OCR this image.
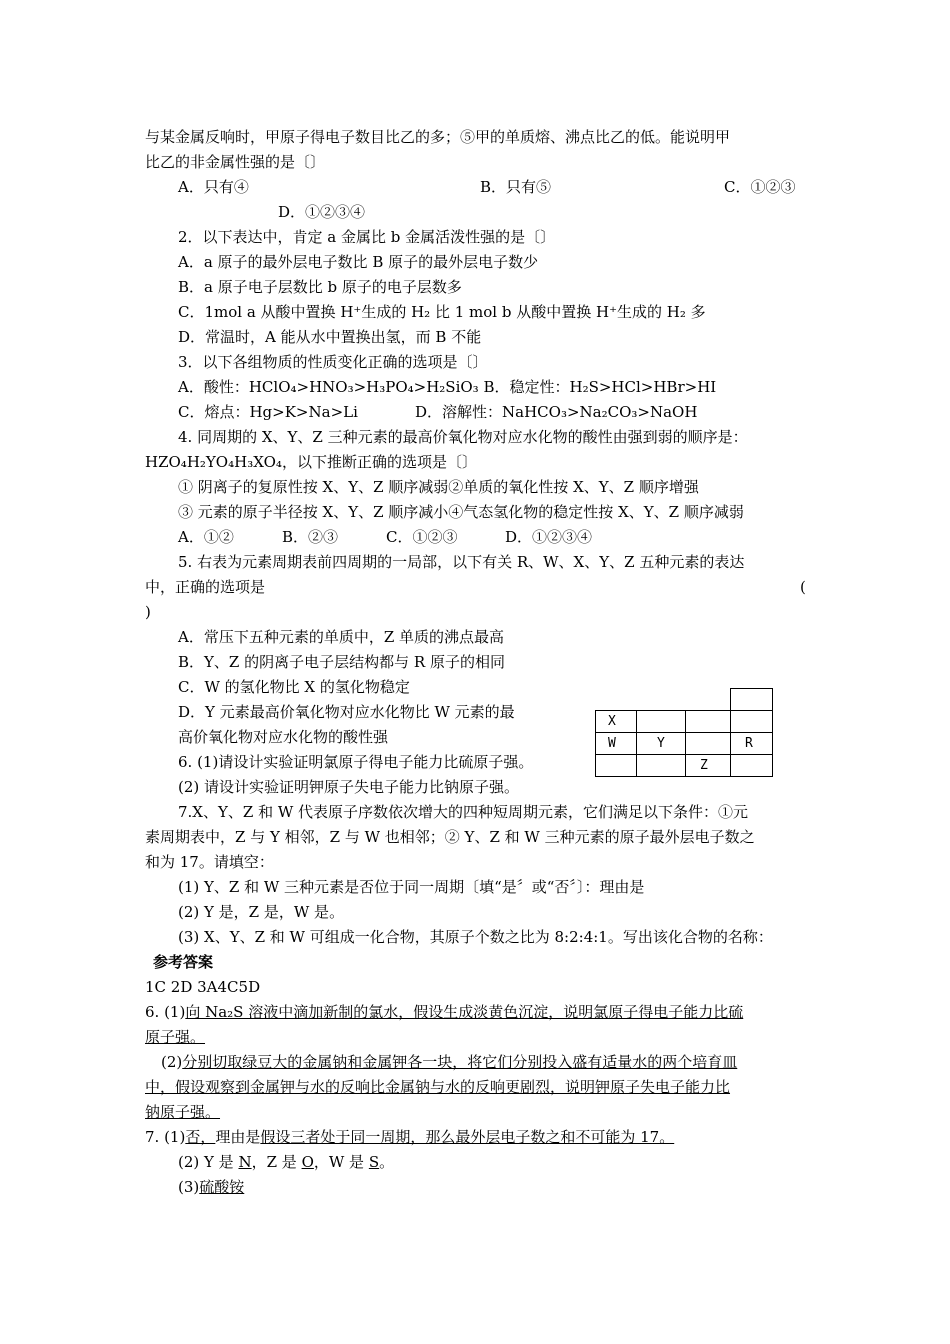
与某金属反响时，甲原子得电子数目比乙的多；⑤甲的单质熔、沸点比乙的低。能说明甲
比乙的非金属性强的是〔〕
A．只有④	B．只有⑤	C．①②③
D．①②③④
2．以下表达中，肯定 a 金属比 b 金属活泼性强的是〔〕
A．a 原子的最外层电子数比 B 原子的最外层电子数少
B．a 原子电子层数比 b 原子的电子层数多
C．1mol a 从酸中置换 H⁺生成的 H₂ 比 1 mol b 从酸中置换 H⁺生成的 H₂ 多
D．常温时，A 能从水中置换出氢，而 B 不能
3．以下各组物质的性质变化正确的选项是〔〕
A．酸性：HClO₄>HNO₃>H₃PO₄>H₂SiO₃ B．稳定性：H₂S>HCl>HBr>HI
C．熔点：Hg>K>Na>Li	D．溶解性：NaHCO₃>Na₂CO₃>NaOH
4. 同周期的 X、Y、Z 三种元素的最高价氧化物对应水化物的酸性由强到弱的顺序是：
HZO₄H₂YO₄H₃XO₄，以下推断正确的选项是〔〕
① 阴离子的复原性按 X、Y、Z 顺序减弱②单质的氧化性按 X、Y、Z 顺序增强
③ 元素的原子半径按 X、Y、Z 顺序减小④气态氢化物的稳定性按 X、Y、Z 顺序减弱
A．①②	B．②③	C．①②③	D．①②③④
5. 右表为元素周期表前四周期的一局部，以下有关 R、W、X、Y、Z 五种元素的表达
中，正确的选项是	(
)
A．常压下五种元素的单质中，Z 单质的沸点最高
B．Y、Z 的阴离子电子层结构都与 R 原子的相同
C．W 的氢化物比 X 的氢化物稳定
D．Y 元素最高价氧化物对应水化物比 W 元素的最
高价氧化物对应水化物的酸性强

X			
W	Y		R
		Z	
6. (1)请设计实验证明氯原子得电子能力比硫原子强。
(2) 请设计实验证明钾原子失电子能力比钠原子强。
7.X、Y、Z 和 W 代表原子序数依次增大的四种短周期元素，它们满足以下条件：①元
素周期表中，Z 与 Y 相邻，Z 与 W 也相邻；② Y、Z 和 W 三种元素的原子最外层电子数之
和为 17。请填空：
(1) Y、Z 和 W 三种元素是否位于同一周期〔填“是〞或“否〞〕：理由是
(2) Y 是，Z 是，W 是。
(3) X、Y、Z 和 W 可组成一化合物，其原子个数之比为 8:2:4:1。写出该化合物的名称：
参考答案
1C 2D 3A4C5D
6. (1)向 Na₂S 溶液中滴加新制的氯水，假设生成淡黄色沉淀，说明氯原子得电子能力比硫
原子强。
(2)分别切取绿豆大的金属钠和金属钾各一块，将它们分别投入盛有适量水的两个培育皿
中，假设观察到金属钾与水的反响比金属钠与水的反响更剧烈，说明钾原子失电子能力比
钠原子强。
7. (1)否，理由是假设三者处于同一周期，那么最外层电子数之和不可能为 17。
(2) Y 是 N，Z 是 O，W 是 S。
(3)硫酸铵
